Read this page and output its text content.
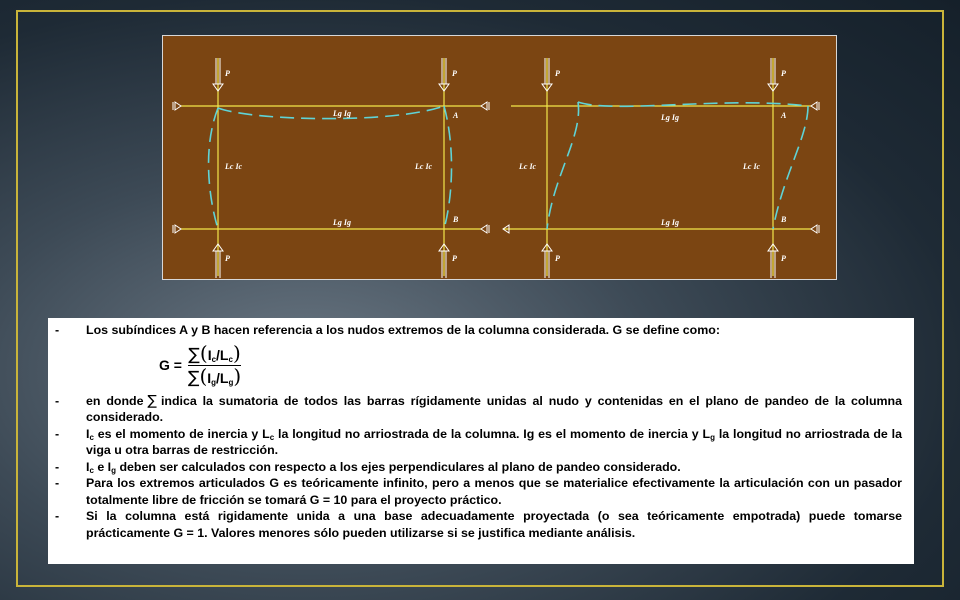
P	P	P	P
P	P	P	P
A	A
B	B
Lg Ig
Lg Ig
Lg Ig
Lg Ig
Lc Ic	Lc Ic	Lc Ic	Lc Ic
-	Los subíndices A y B hacen referencia a los nudos extremos de la columna considerada. G se define como:
$G = \frac{\sum(I_c/L_c)}{\sum(I_g/L_g)}$
-	en donde ∑ indica la sumatoria de todos las barras rígidamente unidas al nudo y contenidas en el plano de pandeo de la columna considerado.
-	$I_c$ es el momento de inercia y $L_c$ la longitud no arriostrada de la columna. Ig es el momento de inercia y $L_g$ la longitud no arriostrada de la viga u otra barras de restricción.
-	$I_c$ e $I_g$ deben ser calculados con respecto a los ejes perpendiculares al plano de pandeo considerado.
-	Para los extremos articulados G es teóricamente infinito, pero a menos que se materialice efectivamente la articulación con un pasador totalmente libre de fricción se tomará G = 10 para el proyecto práctico.
-	Si la columna está rigidamente unida a una base adecuadamente proyectada (o sea teóricamente empotrada) puede tomarse prácticamente G = 1. Valores menores sólo pueden utilizarse si se justifica mediante análisis.
